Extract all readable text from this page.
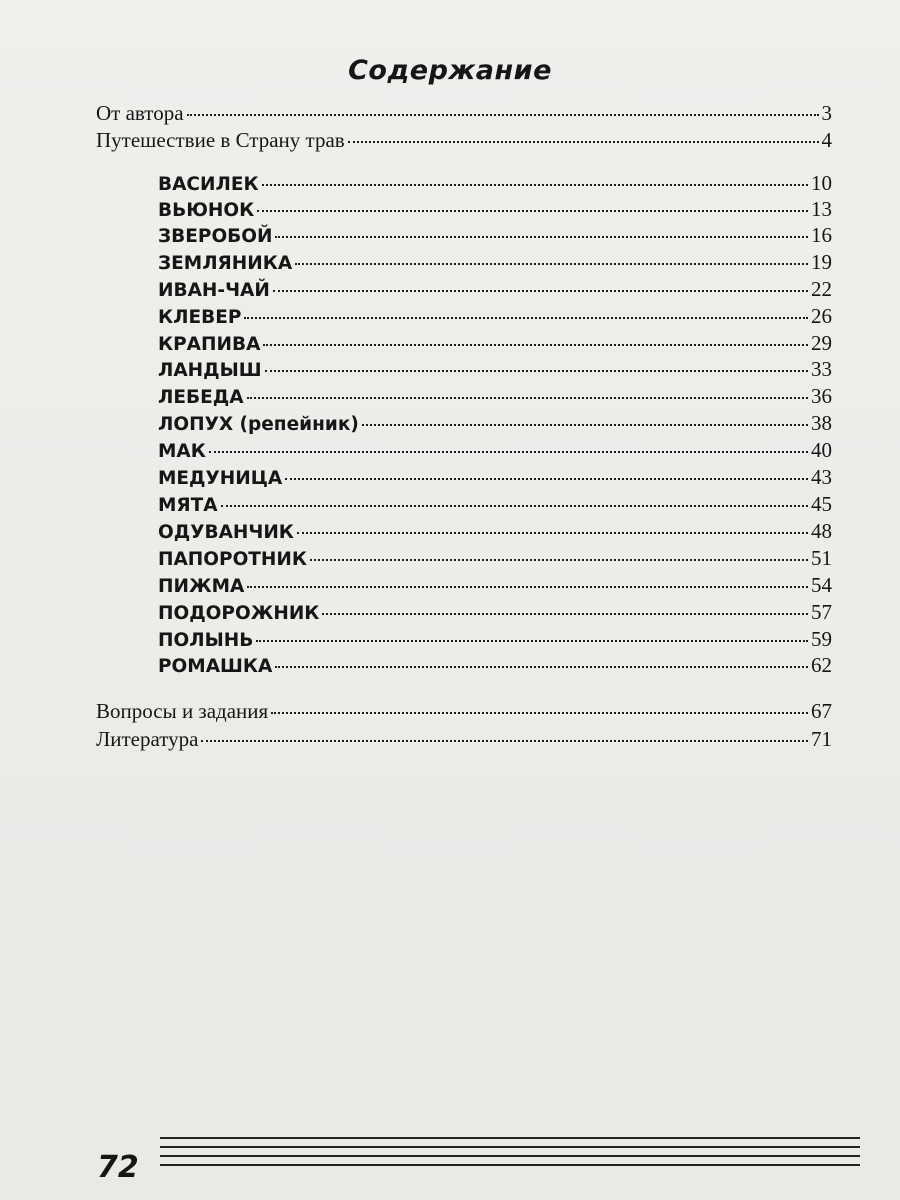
Содержание
От автора	3
Путешествие в Страну трав	4
ВАСИЛЕК	10
ВЬЮНОК	13
ЗВЕРОБОЙ	16
ЗЕМЛЯНИКА	19
ИВАН-ЧАЙ	22
КЛЕВЕР	26
КРАПИВА	29
ЛАНДЫШ	33
ЛЕБЕДА	36
ЛОПУХ (репейник)	38
МАК	40
МЕДУНИЦА	43
МЯТА	45
ОДУВАНЧИК	48
ПАПОРОТНИК	51
ПИЖМА	54
ПОДОРОЖНИК	57
ПОЛЫНЬ	59
РОМАШКА	62
Вопросы и задания	67
Литература	71
72
